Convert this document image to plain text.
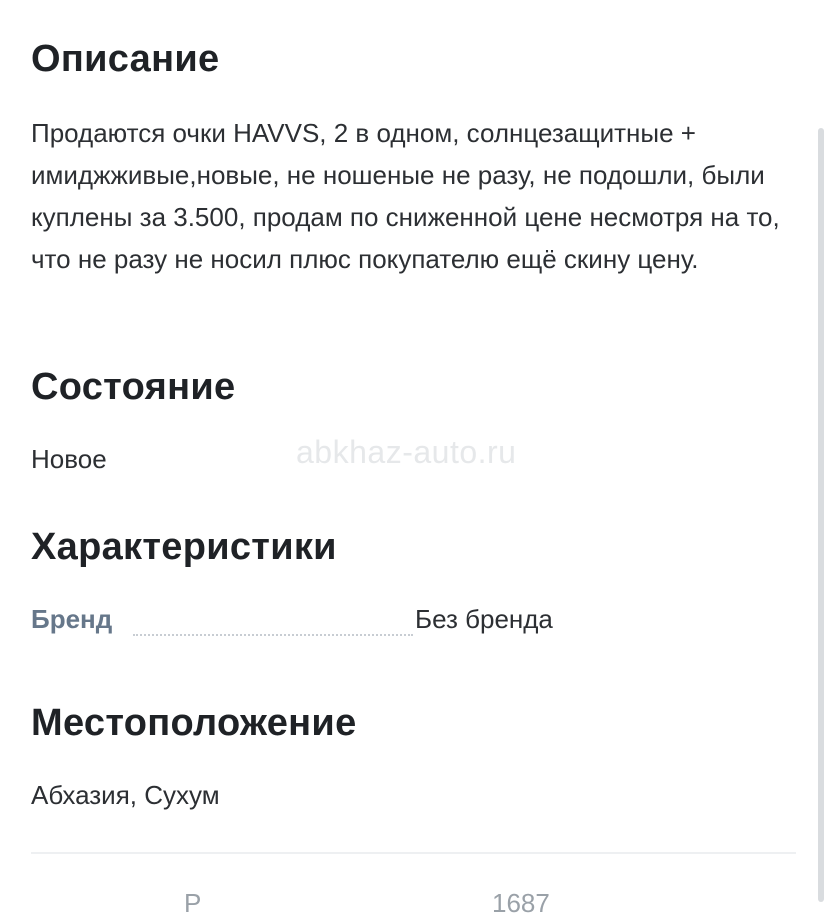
abkhaz-auto.ru
Описание
Продаются очки HAVVS, 2 в одном, солнцезащитные + имиджживые,новые, не ношеные не разу, не подошли, были куплены за 3.500, продам по сниженной цене несмотря на то, что не разу не носил плюс покупателю ещё скину цену.
Состояние
Новое
Характеристики
Бренд	Без бренда
Местоположение
Абхазия, Сухум
Р	1687
